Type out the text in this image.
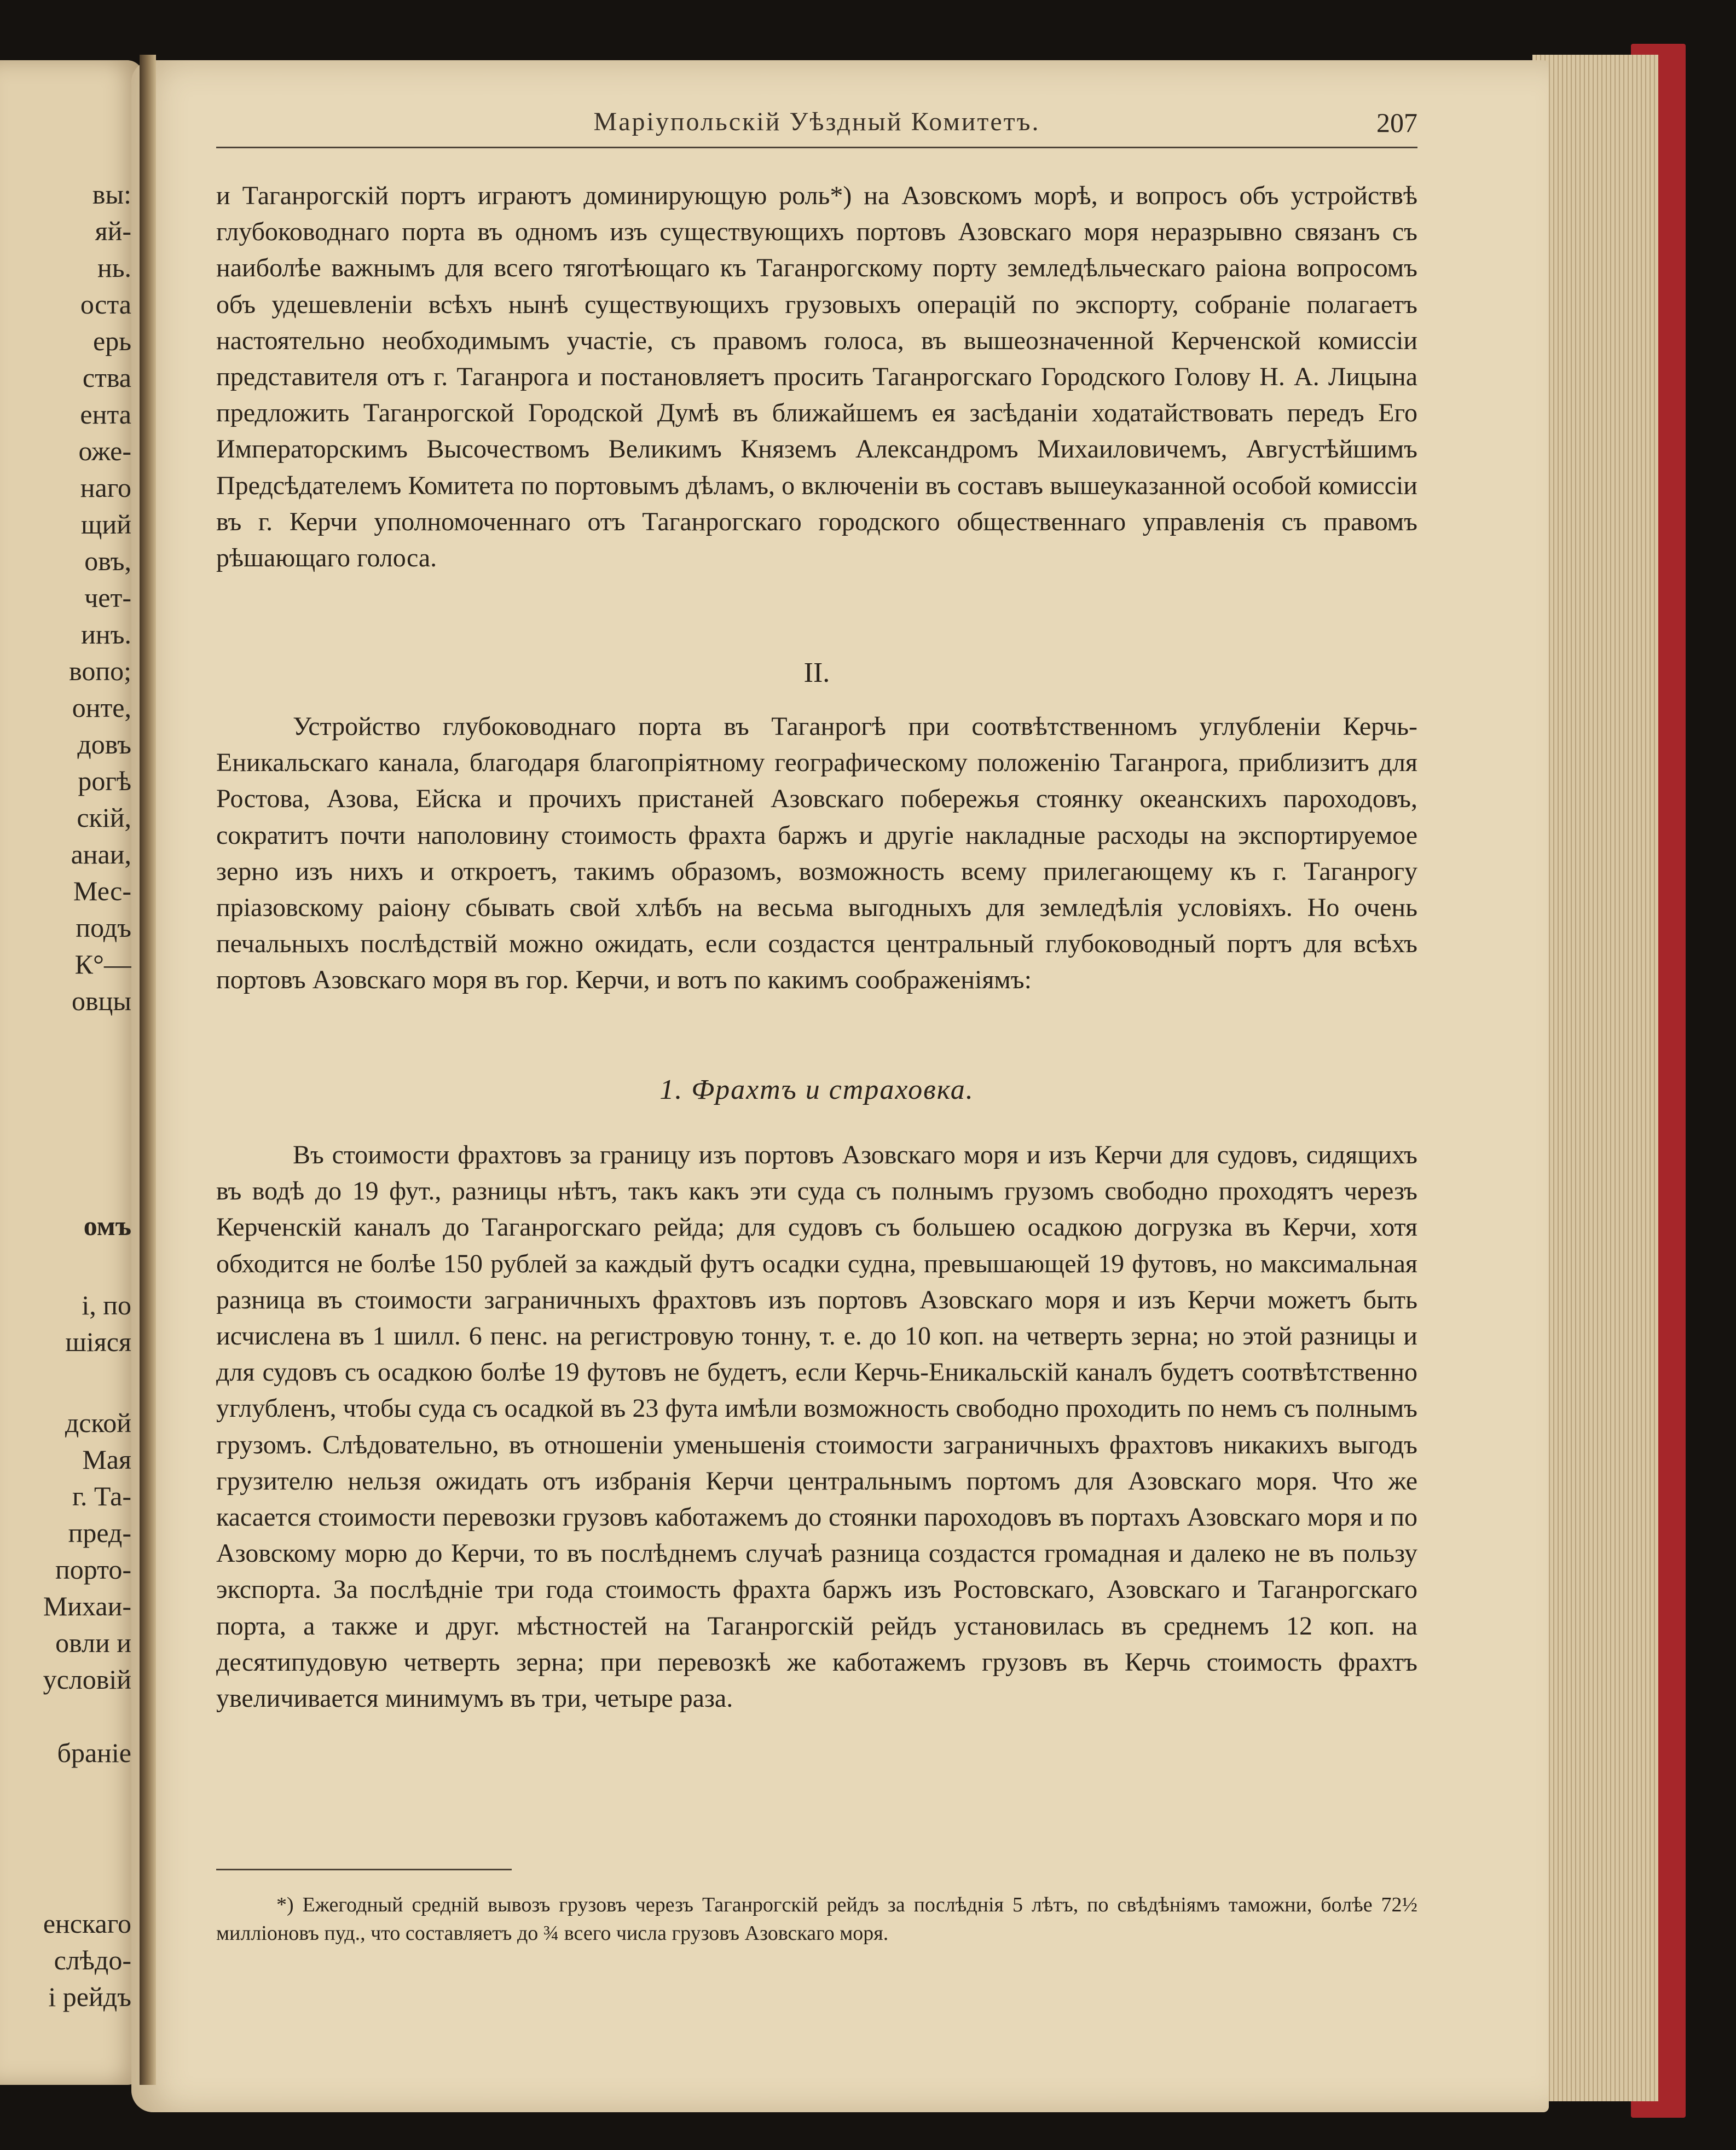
вы:
яй-
нь.
оста
ерь
ства
ента
оже-
наго
щий
овъ,
чет-
инъ.
вопо;
онте,
довъ
рогѣ
скій,
анаи,
Мес-
подъ
К°—
овцы
омъ
і, по
шіяся
дской
Мая
г. Та-
пред-
порто-
Михаи-
овли и
условій
браніе
енскаго
слѣдо-
і рейдъ
Маріупольскій Уѣздный Комитетъ.	207
и Таганрогскій портъ играютъ доминирующую роль*) на Азовскомъ морѣ, и вопросъ объ устройствѣ глубоководнаго порта въ одномъ изъ существующихъ портовъ Азовскаго моря неразрывно связанъ съ наиболѣе важнымъ для всего тяготѣющаго къ Таганрогскому порту земледѣльческаго раіона вопросомъ объ удешевленіи всѣхъ нынѣ существующихъ грузовыхъ операцій по экспорту, собраніе полагаетъ настоятельно необходимымъ участіе, съ правомъ голоса, въ вышеозначенной Керченской комиссіи представителя отъ г. Таганрога и постановляетъ просить Таганрогскаго Городского Голову Н. А. Лицына предложить Таганрогской Городской Думѣ въ ближайшемъ ея засѣданіи ходатайствовать передъ Его Императорскимъ Высочествомъ Великимъ Княземъ Александромъ Михаиловичемъ, Августѣйшимъ Предсѣдателемъ Комитета по портовымъ дѣламъ, о включеніи въ составъ вышеуказанной особой комиссіи въ г. Керчи уполномоченнаго отъ Таганрогскаго городского общественнаго управленія съ правомъ рѣшающаго голоса.
II.
Устройство глубоководнаго порта въ Таганрогѣ при соотвѣтственномъ углубленіи Керчь-Еникальскаго канала, благодаря благопріятному географическому положенію Таганрога, приблизитъ для Ростова, Азова, Ейска и прочихъ пристаней Азовскаго побережья стоянку океанскихъ пароходовъ, сократитъ почти наполовину стоимость фрахта баржъ и другіе накладные расходы на экспортируемое зерно изъ нихъ и откроетъ, такимъ образомъ, возможность всему прилегающему къ г. Таганрогу пріазовскому раіону сбывать свой хлѣбъ на весьма выгодныхъ для земледѣлія условіяхъ. Но очень печальныхъ послѣдствій можно ожидать, если создастся центральный глубоководный портъ для всѣхъ портовъ Азовскаго моря въ гор. Керчи, и вотъ по какимъ соображеніямъ:
1. Фрахтъ и страховка.
Въ стоимости фрахтовъ за границу изъ портовъ Азовскаго моря и изъ Керчи для судовъ, сидящихъ въ водѣ до 19 фут., разницы нѣтъ, такъ какъ эти суда съ полнымъ грузомъ свободно проходятъ черезъ Керченскій каналъ до Таганрогскаго рейда; для судовъ съ большею осадкою догрузка въ Керчи, хотя обходится не болѣе 150 рублей за каждый футъ осадки судна, превышающей 19 футовъ, но максимальная разница въ стоимости заграничныхъ фрахтовъ изъ портовъ Азовскаго моря и изъ Керчи можетъ быть исчислена въ 1 шилл. 6 пенс. на регистровую тонну, т. е. до 10 коп. на четверть зерна; но этой разницы и для судовъ съ осадкою болѣе 19 футовъ не будетъ, если Керчь-Еникальскій каналъ будетъ соотвѣтственно углубленъ, чтобы суда съ осадкой въ 23 фута имѣли возможность свободно проходить по немъ съ полнымъ грузомъ. Слѣдовательно, въ отношеніи уменьшенія стоимости заграничныхъ фрахтовъ никакихъ выгодъ грузителю нельзя ожидать отъ избранія Керчи центральнымъ портомъ для Азовскаго моря. Что же касается стоимости перевозки грузовъ каботажемъ до стоянки пароходовъ въ портахъ Азовскаго моря и по Азовскому морю до Керчи, то въ послѣднемъ случаѣ разница создастся громадная и далеко не въ пользу экспорта. За послѣдніе три года стоимость фрахта баржъ изъ Ростовскаго, Азовскаго и Таганрогскаго порта, а также и друг. мѣстностей на Таганрогскій рейдъ установилась въ среднемъ 12 коп. на десятипудовую четверть зерна; при перевозкѣ же каботажемъ грузовъ въ Керчь стоимость фрахтъ увеличивается минимумъ въ три, четыре раза.
*) Ежегодный средній вывозъ грузовъ черезъ Таганрогскій рейдъ за послѣднія 5 лѣтъ, по свѣдѣніямъ таможни, болѣе 72½ милліоновъ пуд., что составляетъ до ¾ всего числа грузовъ Азовскаго моря.
